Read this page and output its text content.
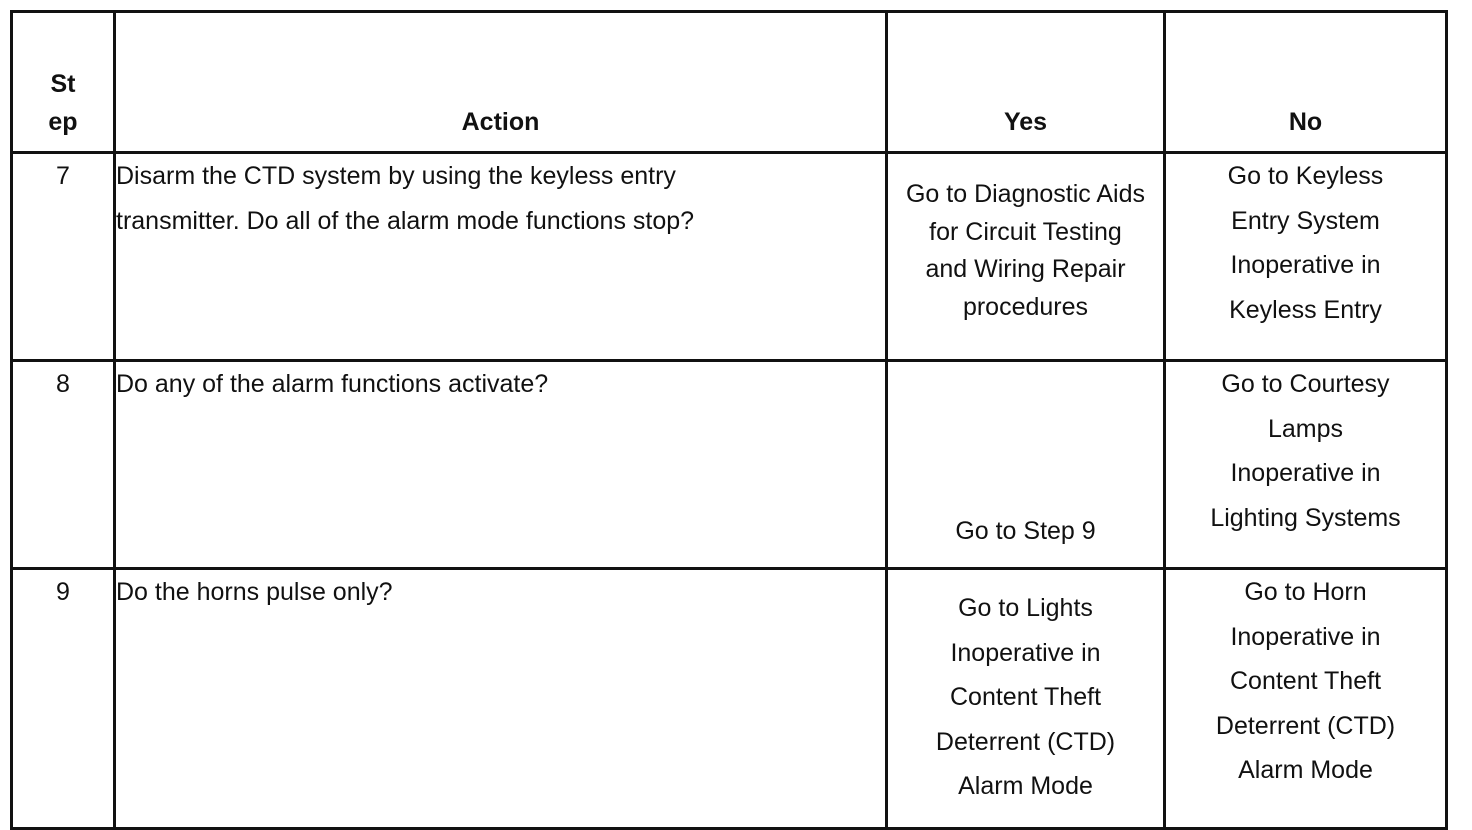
St
ep	Action	Yes	No
7	Disarm the CTD system by using the keyless entry
transmitter. Do all of the alarm mode functions stop?	Go to Diagnostic Aids
for Circuit Testing
and Wiring Repair
procedures	Go to Keyless
Entry System
Inoperative in
Keyless Entry

8	Do any of the alarm functions activate?	Go to Step 9	Go to Courtesy
Lamps
Inoperative in
Lighting Systems

9	Do the horns pulse only?	Go to Lights
Inoperative in
Content Theft
Deterrent (CTD)
Alarm Mode	Go to Horn
Inoperative in
Content Theft
Deterrent (CTD)
Alarm Mode
